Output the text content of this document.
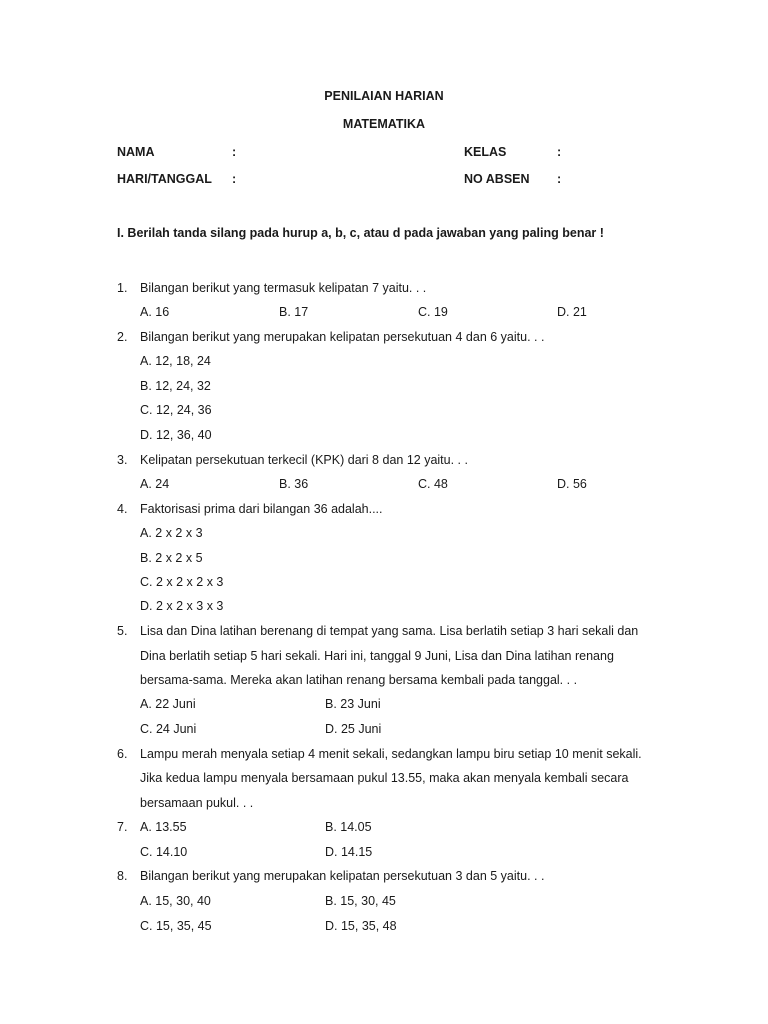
PENILAIAN HARIAN
MATEMATIKA
NAMA	:	KELAS	:
HARI/TANGGAL :	NO ABSEN :
I. Berilah tanda silang pada hurup a, b, c, atau d pada jawaban yang paling benar !
1. Bilangan berikut yang termasuk kelipatan 7 yaitu. . .
A. 16	B. 17	C. 19	D. 21
2. Bilangan berikut yang merupakan kelipatan persekutuan 4 dan 6 yaitu. . .
A. 12, 18, 24
B. 12, 24, 32
C. 12, 24, 36
D. 12, 36, 40
3. Kelipatan persekutuan terkecil (KPK) dari 8 dan 12 yaitu. . .
A. 24	B. 36	C. 48	D. 56
4. Faktorisasi prima dari bilangan 36 adalah....
A. 2 x 2 x 3
B. 2 x 2 x 5
C. 2 x 2 x 2 x 3
D. 2 x 2 x 3 x 3
5. Lisa dan Dina latihan berenang di tempat yang sama. Lisa berlatih setiap 3 hari sekali dan
Dina berlatih setiap 5 hari sekali. Hari ini, tanggal 9 Juni, Lisa dan Dina latihan renang
bersama-sama. Mereka akan latihan renang bersama kembali pada tanggal. . .
A. 22 Juni	B. 23 Juni
C. 24 Juni	D. 25 Juni
6. Lampu merah menyala setiap 4 menit sekali, sedangkan lampu biru setiap 10 menit sekali.
Jika kedua lampu menyala bersamaan pukul 13.55, maka akan menyala kembali secara
bersamaan pukul. . .
7. A. 13.55	B. 14.05
C. 14.10	D. 14.15
8. Bilangan berikut yang merupakan kelipatan persekutuan 3 dan 5 yaitu. . .
A. 15, 30, 40	B. 15, 30, 45
C. 15, 35, 45	D. 15, 35, 48
